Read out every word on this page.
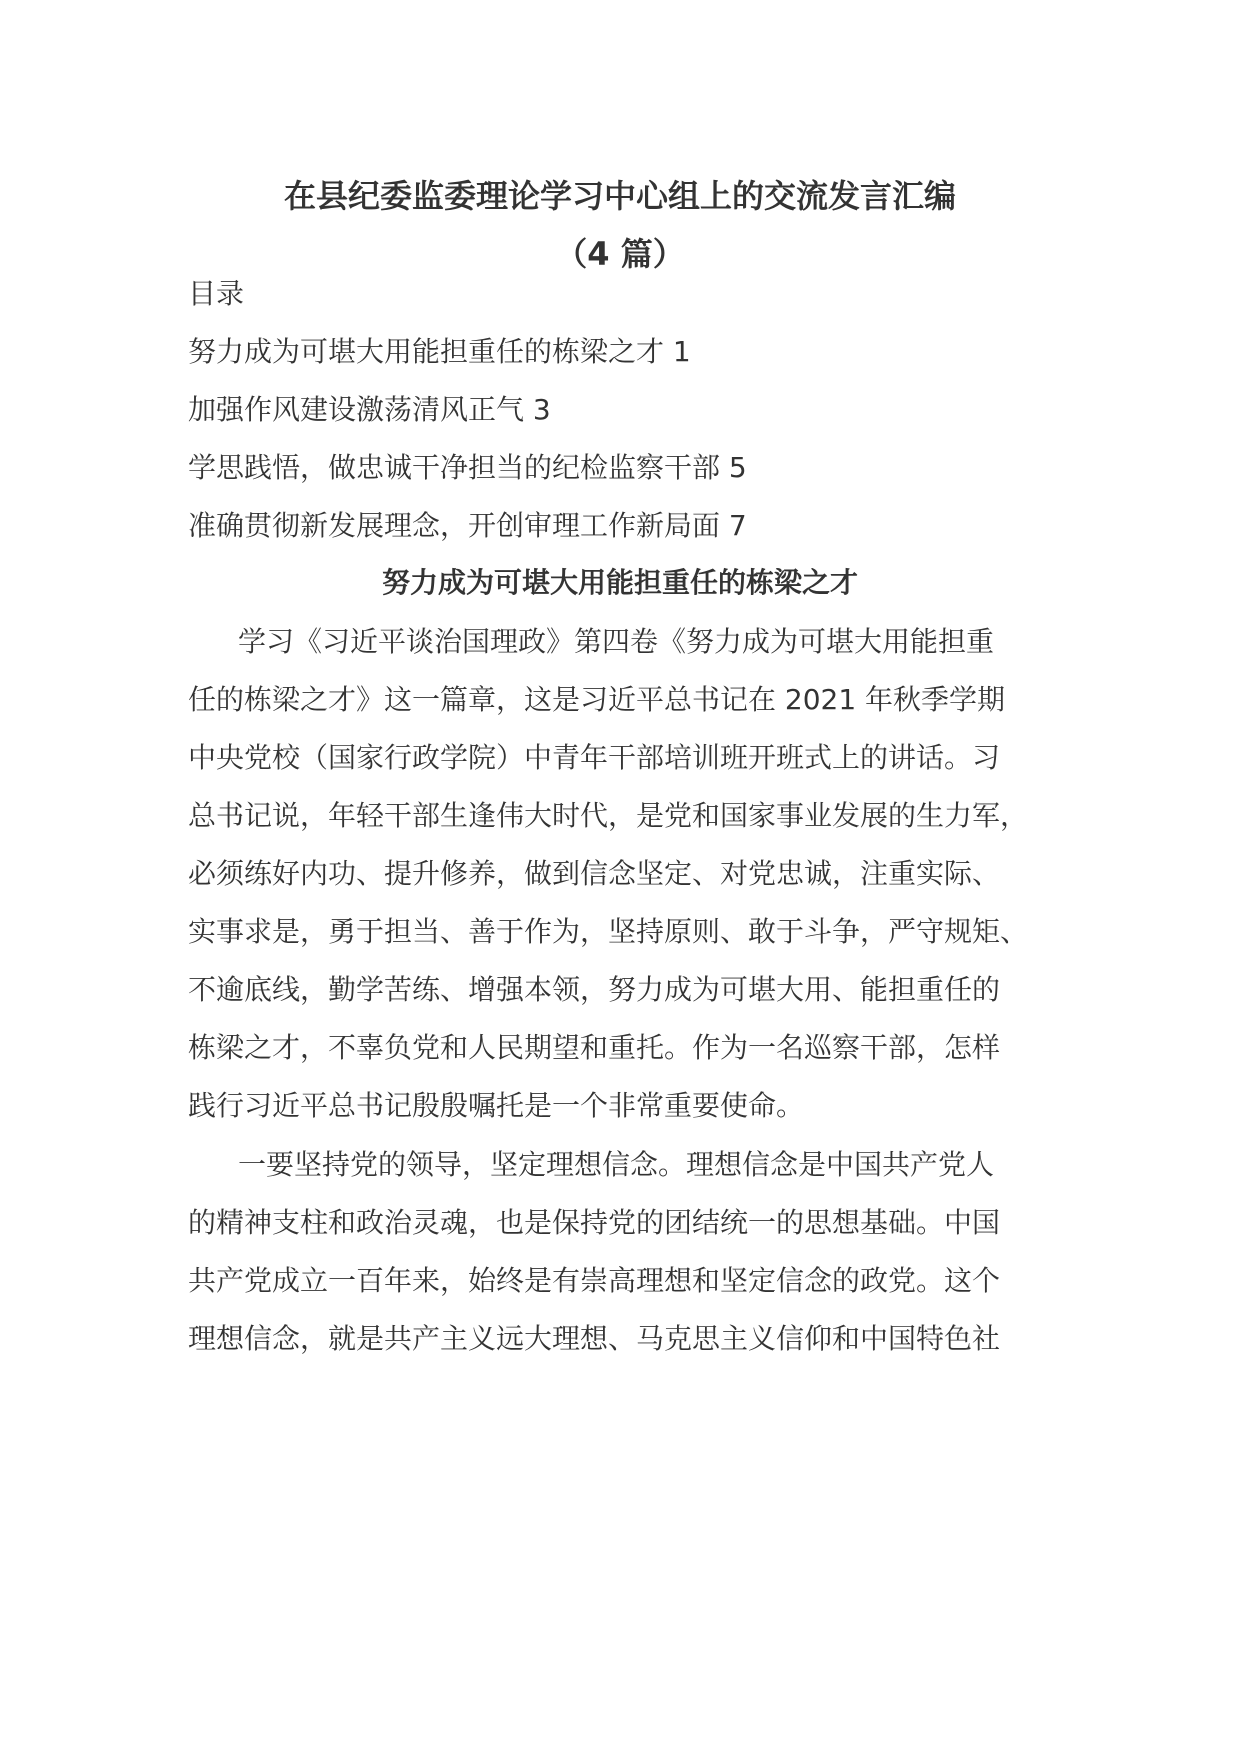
在县纪委监委理论学习中心组上的交流发言汇编
（4 篇）
目录
努力成为可堪大用能担重任的栋梁之才 1
加强作风建设激荡清风正气 3
学思践悟，做忠诚干净担当的纪检监察干部 5
准确贯彻新发展理念，开创审理工作新局面 7
努力成为可堪大用能担重任的栋梁之才
学习《习近平谈治国理政》第四卷《努力成为可堪大用能担重
任的栋梁之才》这一篇章，这是习近平总书记在 2021 年秋季学期
中央党校（国家行政学院）中青年干部培训班开班式上的讲话。习
总书记说，年轻干部生逢伟大时代，是党和国家事业发展的生力军，
必须练好内功、提升修养，做到信念坚定、对党忠诚，注重实际、
实事求是，勇于担当、善于作为，坚持原则、敢于斗争，严守规矩、
不逾底线，勤学苦练、增强本领，努力成为可堪大用、能担重任的
栋梁之才，不辜负党和人民期望和重托。作为一名巡察干部，怎样
践行习近平总书记殷殷嘱托是一个非常重要使命。
一要坚持党的领导，坚定理想信念。理想信念是中国共产党人
的精神支柱和政治灵魂，也是保持党的团结统一的思想基础。中国
共产党成立一百年来，始终是有崇高理想和坚定信念的政党。这个
理想信念，就是共产主义远大理想、马克思主义信仰和中国特色社
